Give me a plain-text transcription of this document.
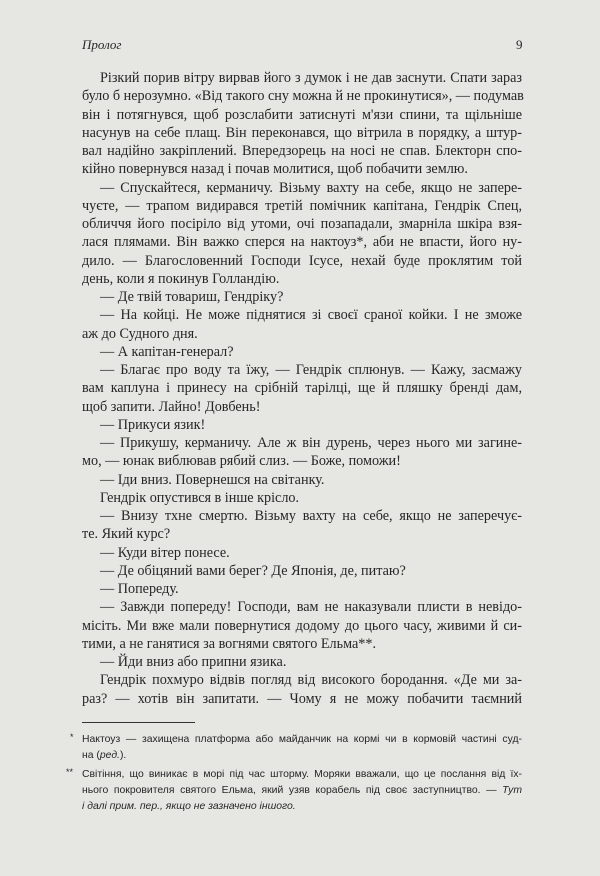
Пролог	9
Різкий порив вітру вирвав його з думок і не дав заснути. Спати зараз
було б нерозумно. «Від такого сну можна й не прокинутися», — подумав
він і потягнувся, щоб розслабити затиснуті м'язи спини, та щільніше
насунув на себе плащ. Він переконався, що вітрила в порядку, а штур-
вал надійно закріплений. Впередзорець на носі не спав. Блекторн спо-
кійно повернувся назад і почав молитися, щоб побачити землю.
— Спускайтеся, керманичу. Візьму вахту на себе, якщо не запере-
чуєте, — трапом видирався третій помічник капітана, Гендрік Спец,
обличчя його посіріло від утоми, очі позападали, змарніла шкіра взя-
лася плямами. Він важко сперся на нактоуз*, аби не впасти, його ну-
дило. — Благословенний Господи Ісусе, нехай буде проклятим той
день, коли я покинув Голландію.
— Де твій товариш, Гендріку?
— На койці. Не може піднятися зі своєї сраної койки. І не зможе
аж до Судного дня.
— А капітан-генерал?
— Благає про воду та їжу, — Гендрік сплюнув. — Кажу, засмажу
вам каплуна і принесу на срібній тарілці, ще й пляшку бренді дам,
щоб запити. Лайно! Довбень!
— Прикуси язик!
— Прикушу, керманичу. Але ж він дурень, через нього ми загине-
мо, — юнак виблював рябий слиз. — Боже, поможи!
— Іди вниз. Повернешся на світанку.
Гендрік опустився в інше крісло.
— Внизу тхне смертю. Візьму вахту на себе, якщо не заперечує-
те. Який курс?
— Куди вітер понесе.
— Де обіцяний вами берег? Де Японія, де, питаю?
— Попереду.
— Завжди попереду! Господи, вам не наказували плисти в невідо-
місіть. Ми вже мали повернутися додому до цього часу, живими й си-
тими, а не ганятися за вогнями святого Ельма**.
— Йди вниз або припни язика.
Гендрік похмуро відвів погляд від високого бородання. «Де ми за-
раз? — хотів він запитати. — Чому я не можу побачити таємний
* Нактоуз — захищена платформа або майданчик на кормі чи в кормовій частині суд-
на (ред.).
** Світіння, що виникає в морі під час шторму. Моряки вважали, що це послання від їх-
нього покровителя святого Ельма, який узяв корабель під своє заступництво. — Тут
і далі прим. пер., якщо не зазначено іншого.
